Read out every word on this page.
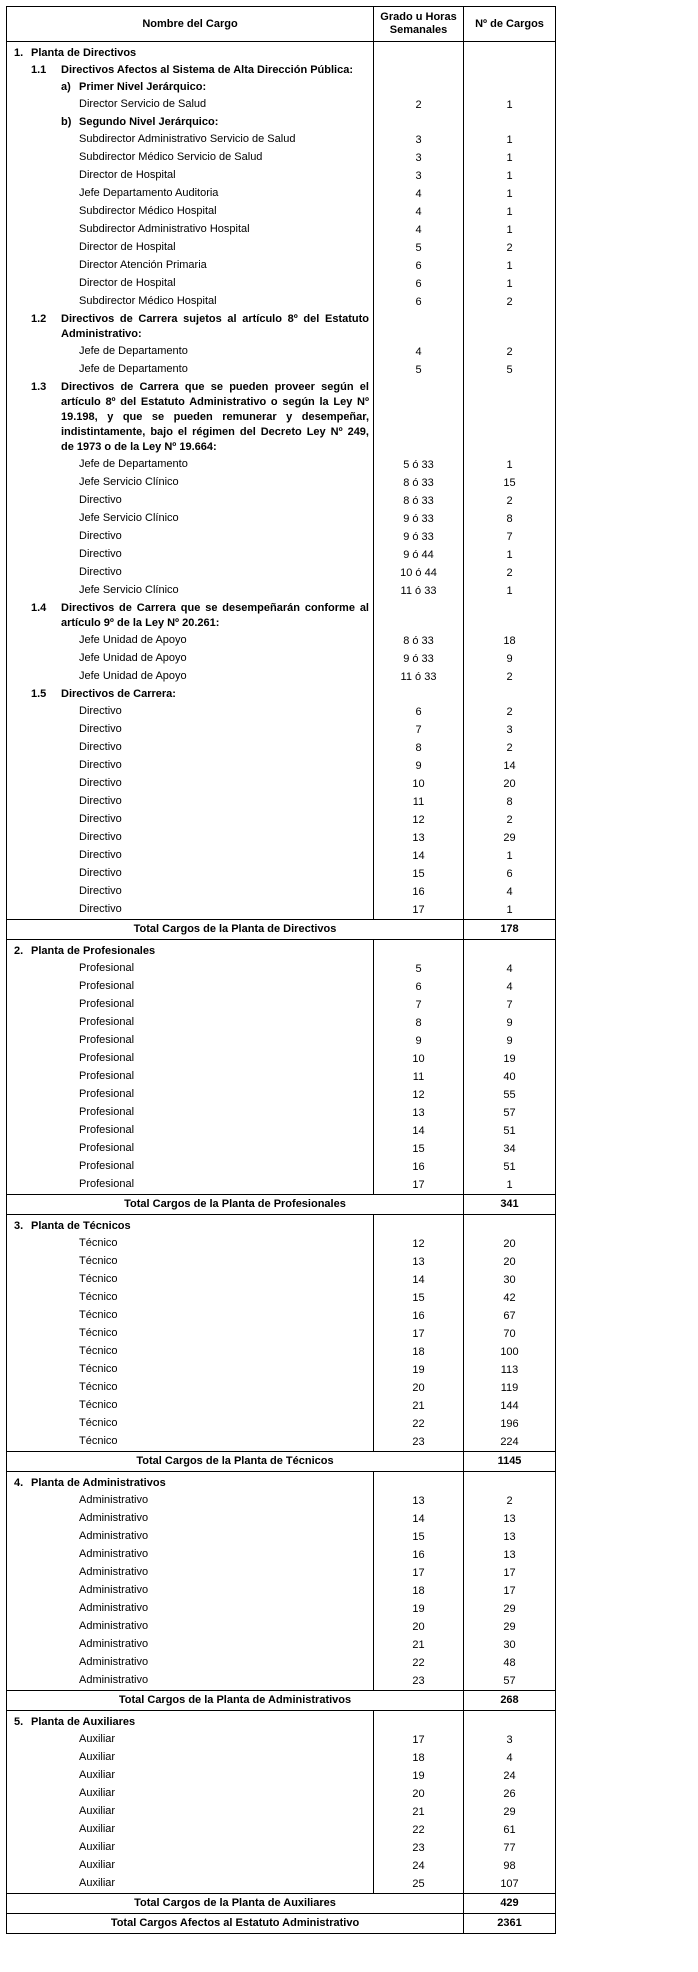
Nombre del Cargo	Grado u Horas Semanales	Nº de Cargos

1. Planta de Directivos		

1.1 Directivos Afectos al Sistema de Alta Dirección Pública:		

a) Primer Nivel Jerárquico:		

Director Servicio de Salud	2	1

b) Segundo Nivel Jerárquico:		

Subdirector Administrativo Servicio de Salud	3	1

Subdirector Médico Servicio de Salud	3	1

Director de Hospital	3	1

Jefe Departamento Auditoria	4	1

Subdirector Médico Hospital	4	1

Subdirector Administrativo Hospital	4	1

Director de Hospital	5	2

Director Atención Primaria	6	1

Director de Hospital	6	1

Subdirector Médico Hospital	6	2

1.2 Directivos de Carrera sujetos al artículo 8º del Estatuto Administrativo:		

Jefe de Departamento	4	2

Jefe de Departamento	5	5

1.3 Directivos de Carrera que se pueden proveer según el artículo 8º del Estatuto Administrativo o según la Ley Nº 19.198, y que se pueden remunerar y desempeñar, indistintamente, bajo el régimen del Decreto Ley Nº 249, de 1973 o de la Ley Nº 19.664:		

Jefe de Departamento	5 ó 33	1

Jefe Servicio Clínico	8 ó 33	15

Directivo	8 ó 33	2

Jefe Servicio Clínico	9 ó 33	8

Directivo	9 ó 33	7

Directivo	9 ó 44	1

Directivo	10 ó 44	2

Jefe Servicio Clínico	11 ó 33	1

1.4 Directivos de Carrera que se desempeñarán conforme al artículo 9º de la Ley Nº 20.261:		

Jefe Unidad de Apoyo	8 ó 33	18

Jefe Unidad de Apoyo	9 ó 33	9

Jefe Unidad de Apoyo	11 ó 33	2

1.5 Directivos de Carrera:		

Directivo	6	2

Directivo	7	3

Directivo	8	2

Directivo	9	14

Directivo	10	20

Directivo	11	8

Directivo	12	2

Directivo	13	29

Directivo	14	1

Directivo	15	6

Directivo	16	4

Directivo	17	1
Total Cargos de la Planta de Directivos		178

2. Planta de Profesionales		

Profesional	5	4

Profesional	6	4

Profesional	7	7

Profesional	8	9

Profesional	9	9

Profesional	10	19

Profesional	11	40

Profesional	12	55

Profesional	13	57

Profesional	14	51

Profesional	15	34

Profesional	16	51

Profesional	17	1
Total Cargos de la Planta de Profesionales		341

3. Planta de Técnicos		

Técnico	12	20

Técnico	13	20

Técnico	14	30

Técnico	15	42

Técnico	16	67

Técnico	17	70

Técnico	18	100

Técnico	19	113

Técnico	20	119

Técnico	21	144

Técnico	22	196

Técnico	23	224
Total Cargos de la Planta de Técnicos		1145

4. Planta de Administrativos		

Administrativo	13	2

Administrativo	14	13

Administrativo	15	13

Administrativo	16	13

Administrativo	17	17

Administrativo	18	17

Administrativo	19	29

Administrativo	20	29

Administrativo	21	30

Administrativo	22	48

Administrativo	23	57
Total Cargos de la Planta de Administrativos		268

5. Planta de Auxiliares		

Auxiliar	17	3

Auxiliar	18	4

Auxiliar	19	24

Auxiliar	20	26

Auxiliar	21	29

Auxiliar	22	61

Auxiliar	23	77

Auxiliar	24	98

Auxiliar	25	107
Total Cargos de la Planta de Auxiliares		429
Total Cargos Afectos al Estatuto Administrativo		2361
